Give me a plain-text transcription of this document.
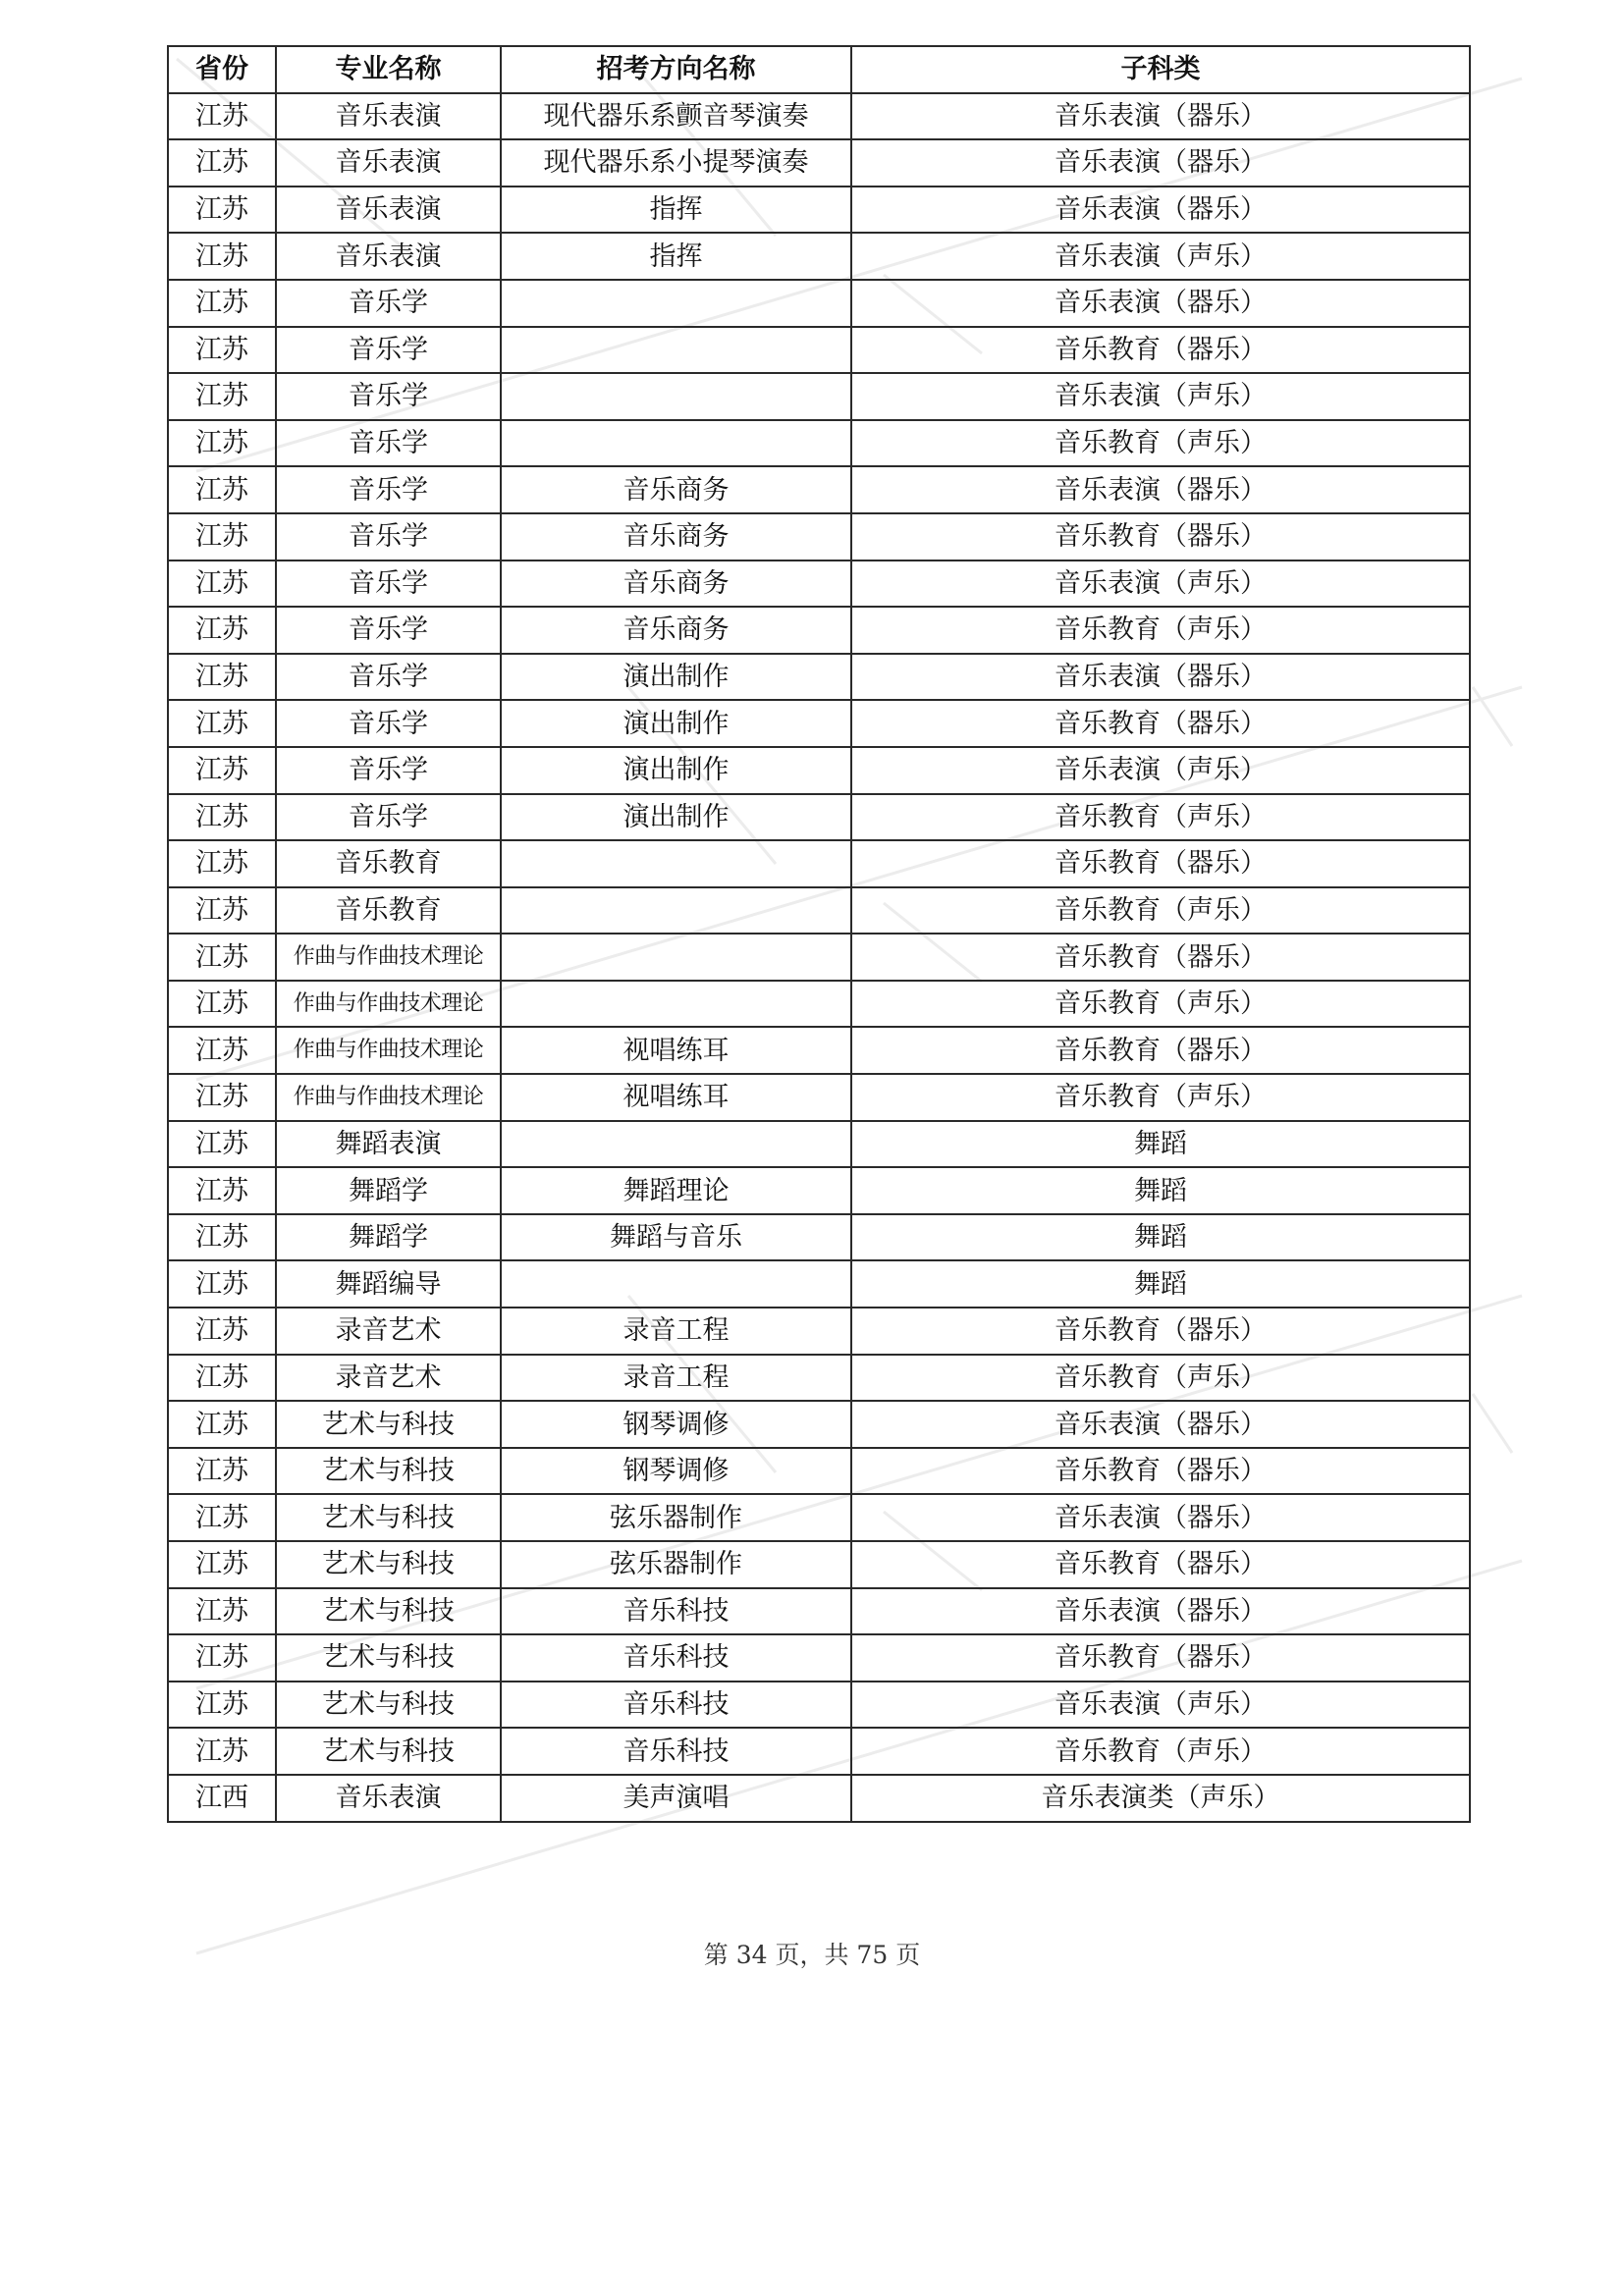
省份	专业名称	招考方向名称	子科类
江苏	音乐表演	现代器乐系颤音琴演奏	音乐表演（器乐）
江苏	音乐表演	现代器乐系小提琴演奏	音乐表演（器乐）
江苏	音乐表演	指挥	音乐表演（器乐）
江苏	音乐表演	指挥	音乐表演（声乐）
江苏	音乐学		音乐表演（器乐）
江苏	音乐学		音乐教育（器乐）
江苏	音乐学		音乐表演（声乐）
江苏	音乐学		音乐教育（声乐）
江苏	音乐学	音乐商务	音乐表演（器乐）
江苏	音乐学	音乐商务	音乐教育（器乐）
江苏	音乐学	音乐商务	音乐表演（声乐）
江苏	音乐学	音乐商务	音乐教育（声乐）
江苏	音乐学	演出制作	音乐表演（器乐）
江苏	音乐学	演出制作	音乐教育（器乐）
江苏	音乐学	演出制作	音乐表演（声乐）
江苏	音乐学	演出制作	音乐教育（声乐）
江苏	音乐教育		音乐教育（器乐）
江苏	音乐教育		音乐教育（声乐）
江苏	作曲与作曲技术理论		音乐教育（器乐）
江苏	作曲与作曲技术理论		音乐教育（声乐）
江苏	作曲与作曲技术理论	视唱练耳	音乐教育（器乐）
江苏	作曲与作曲技术理论	视唱练耳	音乐教育（声乐）
江苏	舞蹈表演		舞蹈
江苏	舞蹈学	舞蹈理论	舞蹈
江苏	舞蹈学	舞蹈与音乐	舞蹈
江苏	舞蹈编导		舞蹈
江苏	录音艺术	录音工程	音乐教育（器乐）
江苏	录音艺术	录音工程	音乐教育（声乐）
江苏	艺术与科技	钢琴调修	音乐表演（器乐）
江苏	艺术与科技	钢琴调修	音乐教育（器乐）
江苏	艺术与科技	弦乐器制作	音乐表演（器乐）
江苏	艺术与科技	弦乐器制作	音乐教育（器乐）
江苏	艺术与科技	音乐科技	音乐表演（器乐）
江苏	艺术与科技	音乐科技	音乐教育（器乐）
江苏	艺术与科技	音乐科技	音乐表演（声乐）
江苏	艺术与科技	音乐科技	音乐教育（声乐）
江西	音乐表演	美声演唱	音乐表演类（声乐）
第 34 页，共 75 页
